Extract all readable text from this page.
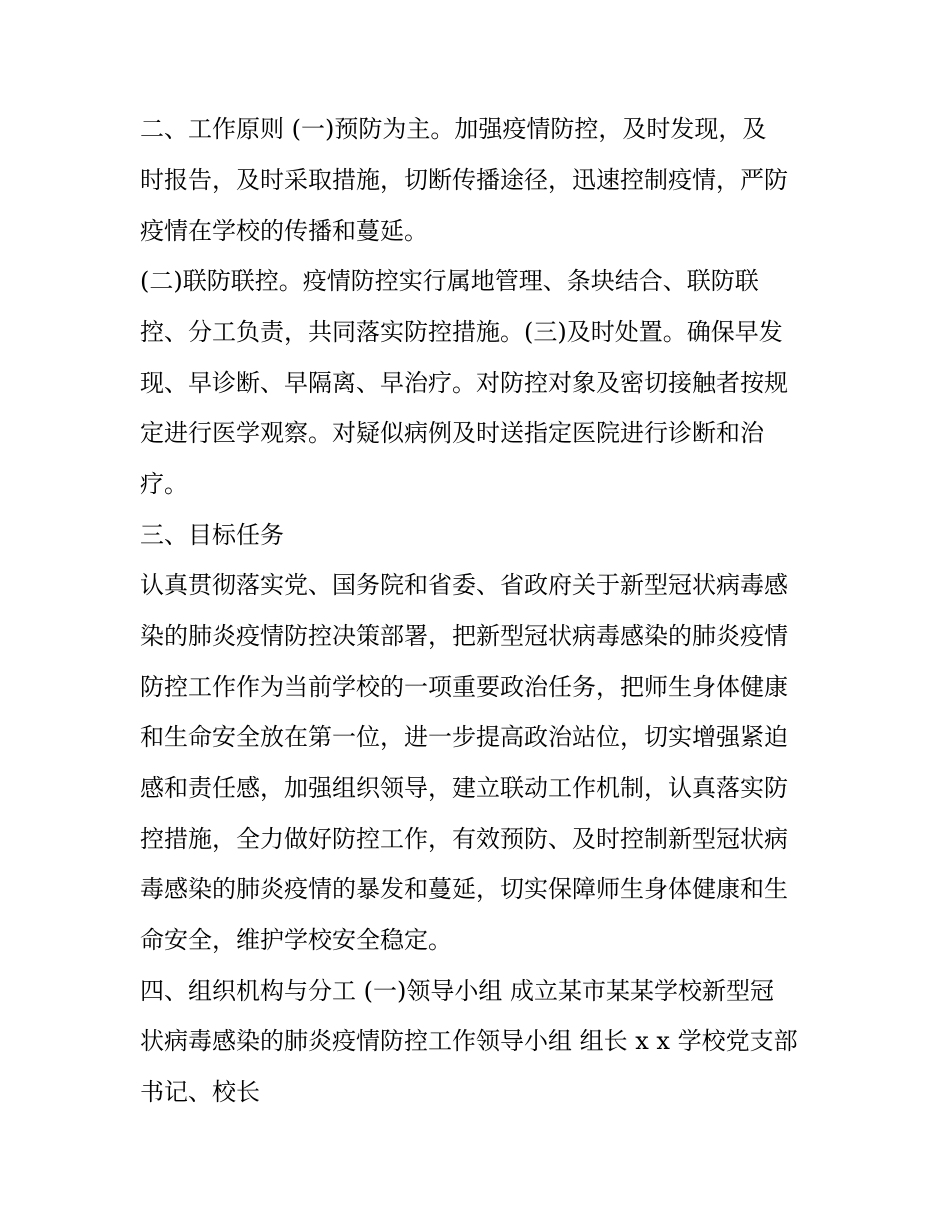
二、工作原则 (一)预防为主。加强疫情防控，及时发现，及
时报告，及时采取措施，切断传播途径，迅速控制疫情，严防
疫情在学校的传播和蔓延。
(二)联防联控。疫情防控实行属地管理、条块结合、联防联
控、分工负责，共同落实防控措施。(三)及时处置。确保早发
现、早诊断、早隔离、早治疗。对防控对象及密切接触者按规
定进行医学观察。对疑似病例及时送指定医院进行诊断和治
疗。
三、目标任务
认真贯彻落实党、国务院和省委、省政府关于新型冠状病毒感
染的肺炎疫情防控决策部署，把新型冠状病毒感染的肺炎疫情
防控工作作为当前学校的一项重要政治任务，把师生身体健康
和生命安全放在第一位，进一步提高政治站位，切实增强紧迫
感和责任感，加强组织领导，建立联动工作机制，认真落实防
控措施，全力做好防控工作，有效预防、及时控制新型冠状病
毒感染的肺炎疫情的暴发和蔓延，切实保障师生身体健康和生
命安全，维护学校安全稳定。
四、组织机构与分工 (一)领导小组 成立某市某某学校新型冠
状病毒感染的肺炎疫情防控工作领导小组 组长 x x 学校党支部
书记、校长
